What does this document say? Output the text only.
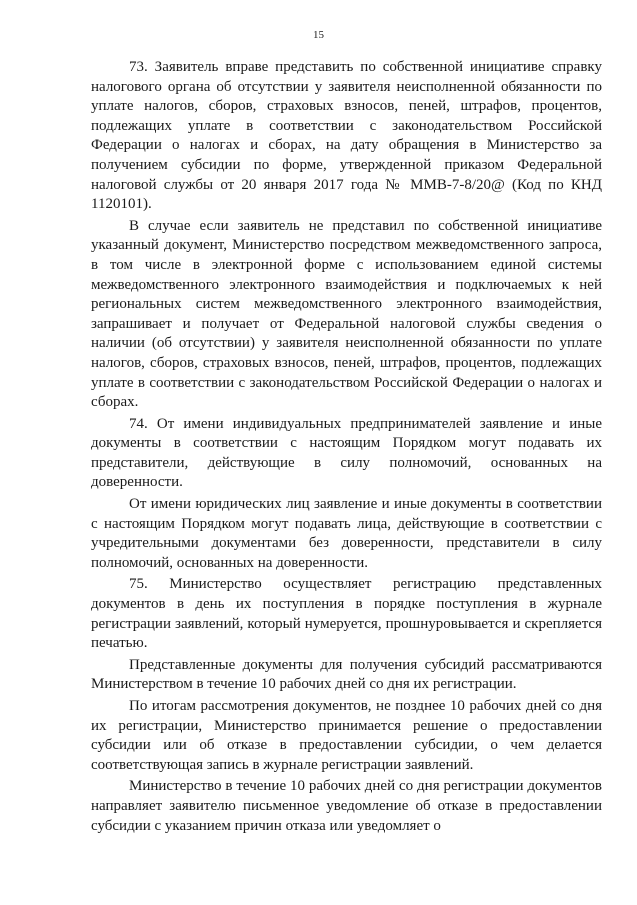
15

73. Заявитель вправе представить по собственной инициативе справку налогового органа об отсутствии у заявителя неисполненной обязанности по уплате налогов, сборов, страховых взносов, пеней, штрафов, процентов, подлежащих уплате в соответствии с законодательством Российской Федерации о налогах и сборах, на дату обращения в Министерство за получением субсидии по форме, утвержденной приказом Федеральной налоговой службы от 20 января 2017 года № ММВ-7-8/20@ (Код по КНД 1120101).

В случае если заявитель не представил по собственной инициативе указанный документ, Министерство посредством межведомственного запроса, в том числе в электронной форме с использованием единой системы межведомственного электронного взаимодействия и подключаемых к ней региональных систем межведомственного электронного взаимодействия, запрашивает и получает от Федеральной налоговой службы сведения о наличии (об отсутствии) у заявителя неисполненной обязанности по уплате налогов, сборов, страховых взносов, пеней, штрафов, процентов, подлежащих уплате в соответствии с законодательством Российской Федерации о налогах и сборах.

74. От имени индивидуальных предпринимателей заявление и иные документы в соответствии с настоящим Порядком могут подавать их представители, действующие в силу полномочий, основанных на доверенности.

От имени юридических лиц заявление и иные документы в соответствии с настоящим Порядком могут подавать лица, действующие в соответствии с учредительными документами без доверенности, представители в силу полномочий, основанных на доверенности.

75. Министерство осуществляет регистрацию представленных документов в день их поступления в порядке поступления в журнале регистрации заявлений, который нумеруется, прошнуровывается и скрепляется печатью.

Представленные документы для получения субсидий рассматриваются Министерством в течение 10 рабочих дней со дня их регистрации.

По итогам рассмотрения документов, не позднее 10 рабочих дней со дня их регистрации, Министерство принимается решение о предоставлении субсидии или об отказе в предоставлении субсидии, о чем делается соответствующая запись в журнале регистрации заявлений.

Министерство в течение 10 рабочих дней со дня регистрации документов направляет заявителю письменное уведомление об отказе в предоставлении субсидии с указанием причин отказа или уведомляет о
